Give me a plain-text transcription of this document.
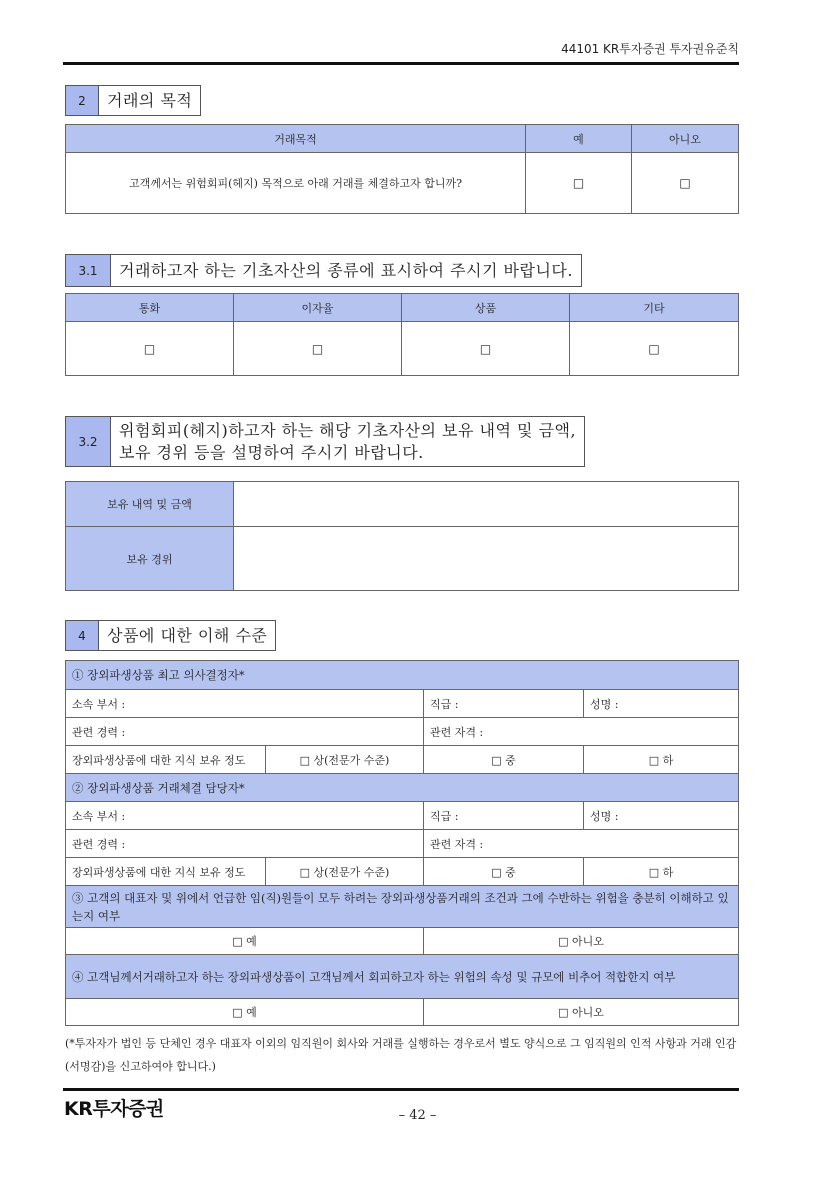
44101 KR투자증권 투자권유준칙
2	거래의 목적
거래목적	예	아니오
고객께서는 위험회피(헤지) 목적으로 아래 거래를 체결하고자 합니까?	□	□
3.1	거래하고자 하는 기초자산의 종류에 표시하여 주시기 바랍니다.
통화	이자율	상품	기타
□	□	□	□
3.2
위험회피(헤지)하고자 하는 해당 기초자산의 보유 내역 및 금액,
보유 경위 등을 설명하여 주시기 바랍니다.
보유 내역 및 금액	
보유 경위	
4	상품에 대한 이해 수준
① 장외파생상품 최고 의사결정자*			
소속 부서 :		직급 :	성명 :
관련 경력 :		관련 자격 :	
장외파생상품에 대한 지식 보유 정도	□ 상(전문가 수준)	□ 중	□ 하
② 장외파생상품 거래체결 담당자*			
소속 부서 :		직급 :	성명 :
관련 경력 :		관련 자격 :	
장외파생상품에 대한 지식 보유 정도	□ 상(전문가 수준)	□ 중	□ 하
③ 고객의 대표자 및 위에서 언급한 임(직)원들이 모두 하려는 장외파생상품거래의 조건과 그에 수반하는 위험을 충분히 이해하고 있는지 여부			
□ 예		□ 아니오	
④ 고객님께서거래하고자 하는 장외파생상품이 고객님께서 회피하고자 하는 위험의 속성 및 규모에 비추어 적합한지 여부			
□ 예		□ 아니오	
(*투자자가 법인 등 단체인 경우 대표자 이외의 임직원이 회사와 거래를 실행하는 경우로서 별도 양식으로 그 임직원의 인적 사항과 거래 인감(서명감)을 신고하여야 합니다.)
KR투자증권	– 42 –
